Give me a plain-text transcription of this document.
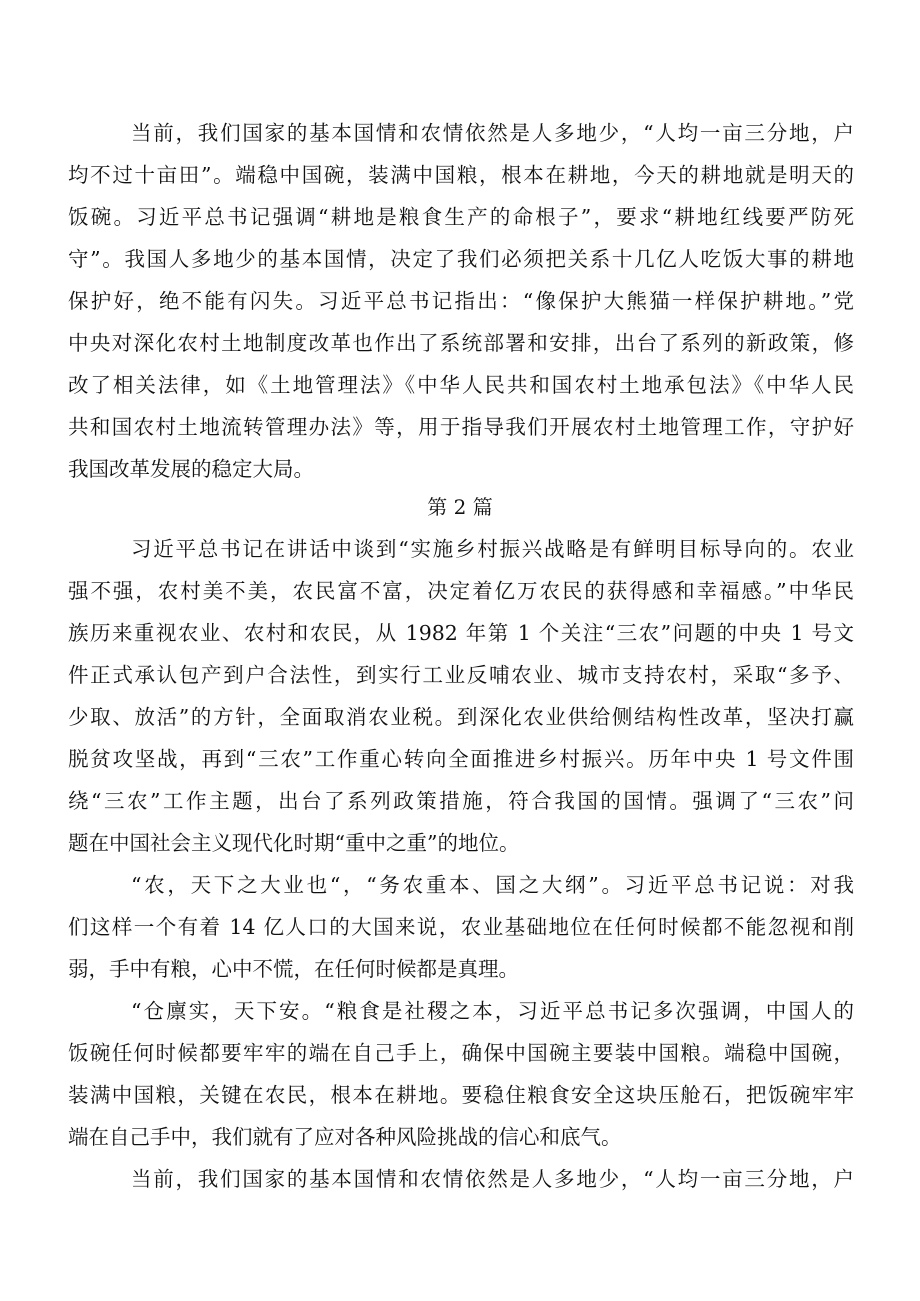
当前，我们国家的基本国情和农情依然是人多地少，“人均一亩三分地，户
均不过十亩田”。端稳中国碗，装满中国粮，根本在耕地，今天的耕地就是明天的
饭碗。习近平总书记强调“耕地是粮食生产的命根子”，要求“耕地红线要严防死
守”。我国人多地少的基本国情，决定了我们必须把关系十几亿人吃饭大事的耕地
保护好，绝不能有闪失。习近平总书记指出：“像保护大熊猫一样保护耕地。”党
中央对深化农村土地制度改革也作出了系统部署和安排，出台了系列的新政策，修
改了相关法律，如《土地管理法》《中华人民共和国农村土地承包法》《中华人民
共和国农村土地流转管理办法》等，用于指导我们开展农村土地管理工作，守护好
我国改革发展的稳定大局。
第 2 篇
习近平总书记在讲话中谈到“实施乡村振兴战略是有鲜明目标导向的。农业
强不强，农村美不美，农民富不富，决定着亿万农民的获得感和幸福感。”中华民
族历来重视农业、农村和农民，从 1982 年第 1 个关注“三农”问题的中央 1 号文
件正式承认包产到户合法性，到实行工业反哺农业、城市支持农村，采取“多予、
少取、放活”的方针，全面取消农业税。到深化农业供给侧结构性改革，坚决打赢
脱贫攻坚战，再到“三农”工作重心转向全面推进乡村振兴。历年中央 1 号文件围
绕“三农”工作主题，出台了系列政策措施，符合我国的国情。强调了“三农”问
题在中国社会主义现代化时期“重中之重”的地位。
“农，天下之大业也“，“务农重本、国之大纲”。习近平总书记说：对我
们这样一个有着 14 亿人口的大国来说，农业基础地位在任何时候都不能忽视和削
弱，手中有粮，心中不慌，在任何时候都是真理。
“仓廪实，天下安。“粮食是社稷之本，习近平总书记多次强调，中国人的
饭碗任何时候都要牢牢的端在自己手上，确保中国碗主要装中国粮。端稳中国碗，
装满中国粮，关键在农民，根本在耕地。要稳住粮食安全这块压舱石，把饭碗牢牢
端在自己手中，我们就有了应对各种风险挑战的信心和底气。
当前，我们国家的基本国情和农情依然是人多地少，“人均一亩三分地，户
